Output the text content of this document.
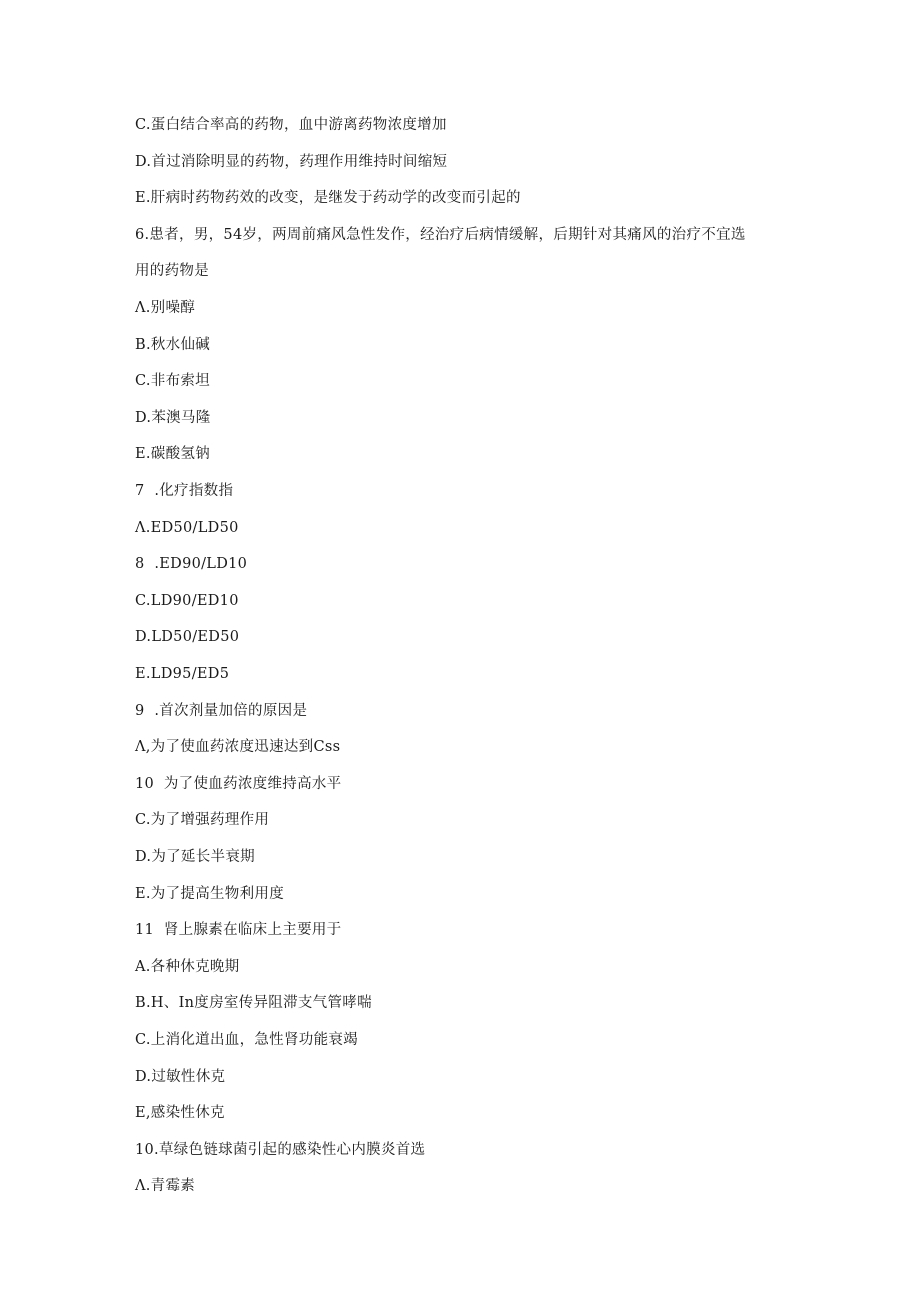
C.蛋白结合率高的药物，血中游离药物浓度增加
D.首过消除明显的药物，药理作用维持时间缩短
E.肝病时药物药效的改变，是继发于药动学的改变而引起的
6.患者，男，54岁，两周前痛风急性发作，经治疗后病情缓解，后期针对其痛风的治疗不宜选
用的药物是
Λ.别噪醇
B.秋水仙碱
C.非布索坦
D.苯澳马隆
E.碳酸氢钠
7  .化疗指数指
Λ.ED50/LD50
8  .ED90/LD10
C.LD90/ED10
D.LD50/ED50
E.LD95/ED5
9  .首次剂量加倍的原因是
Λ,为了使血药浓度迅速达到Css
10  为了使血药浓度维持高水平
C.为了增强药理作用
D.为了延长半衰期
E.为了提高生物利用度
11  肾上腺素在临床上主要用于
A.各种休克晚期
B.H、In度房室传异阻滞支气管哮喘
C.上消化道出血，急性肾功能衰竭
D.过敏性休克
E,感染性休克
10.草绿色链球菌引起的感染性心内膜炎首选
Λ.青霉素
